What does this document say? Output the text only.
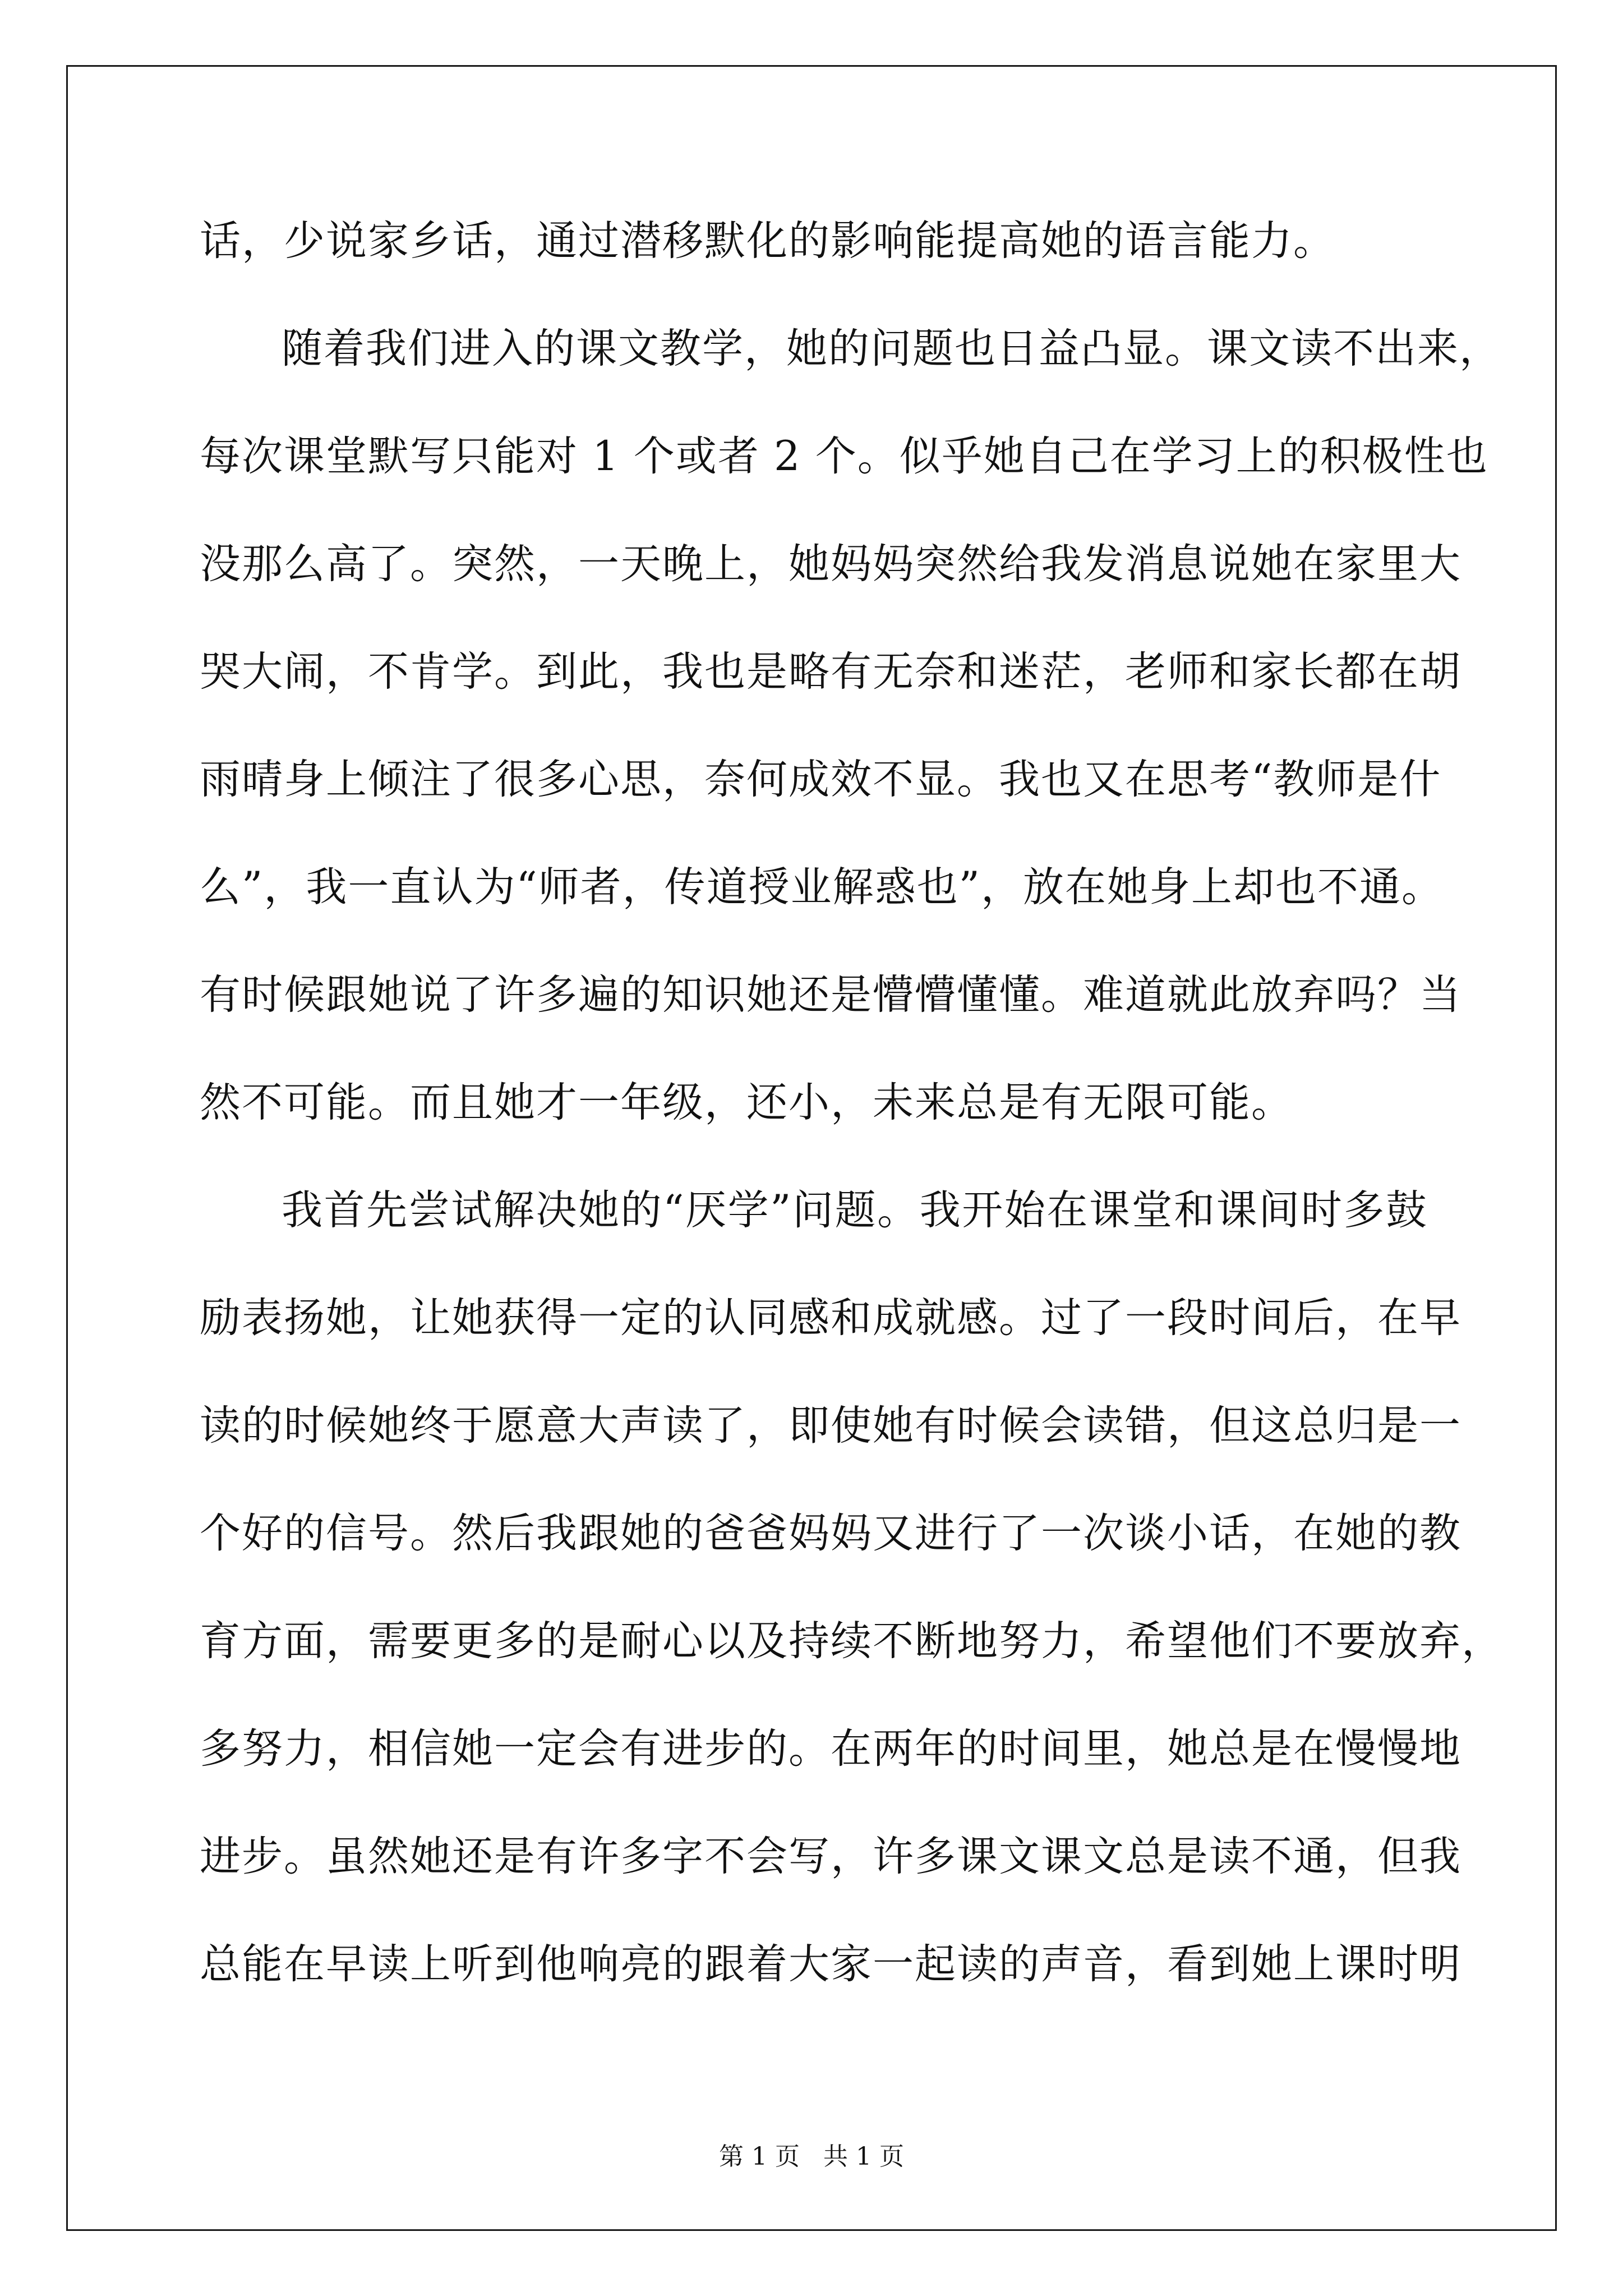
话，少说家乡话，通过潜移默化的影响能提高她的语言能力。
随着我们进入的课文教学，她的问题也日益凸显。课文读不出来，
每次课堂默写只能对 1 个或者 2 个。似乎她自己在学习上的积极性也
没那么高了。突然，一天晚上，她妈妈突然给我发消息说她在家里大
哭大闹，不肯学。到此，我也是略有无奈和迷茫，老师和家长都在胡
雨晴身上倾注了很多心思，奈何成效不显。我也又在思考“教师是什
么”，我一直认为“师者，传道授业解惑也”，放在她身上却也不通。
有时候跟她说了许多遍的知识她还是懵懵懂懂。难道就此放弃吗？当
然不可能。而且她才一年级，还小，未来总是有无限可能。
我首先尝试解决她的“厌学”问题。我开始在课堂和课间时多鼓
励表扬她，让她获得一定的认同感和成就感。过了一段时间后，在早
读的时候她终于愿意大声读了，即使她有时候会读错，但这总归是一
个好的信号。然后我跟她的爸爸妈妈又进行了一次谈小话，在她的教
育方面，需要更多的是耐心以及持续不断地努力，希望他们不要放弃，
多努力，相信她一定会有进步的。在两年的时间里，她总是在慢慢地
进步。虽然她还是有许多字不会写，许多课文课文总是读不通，但我
总能在早读上听到他响亮的跟着大家一起读的声音，看到她上课时明
第 1 页 共 1 页
